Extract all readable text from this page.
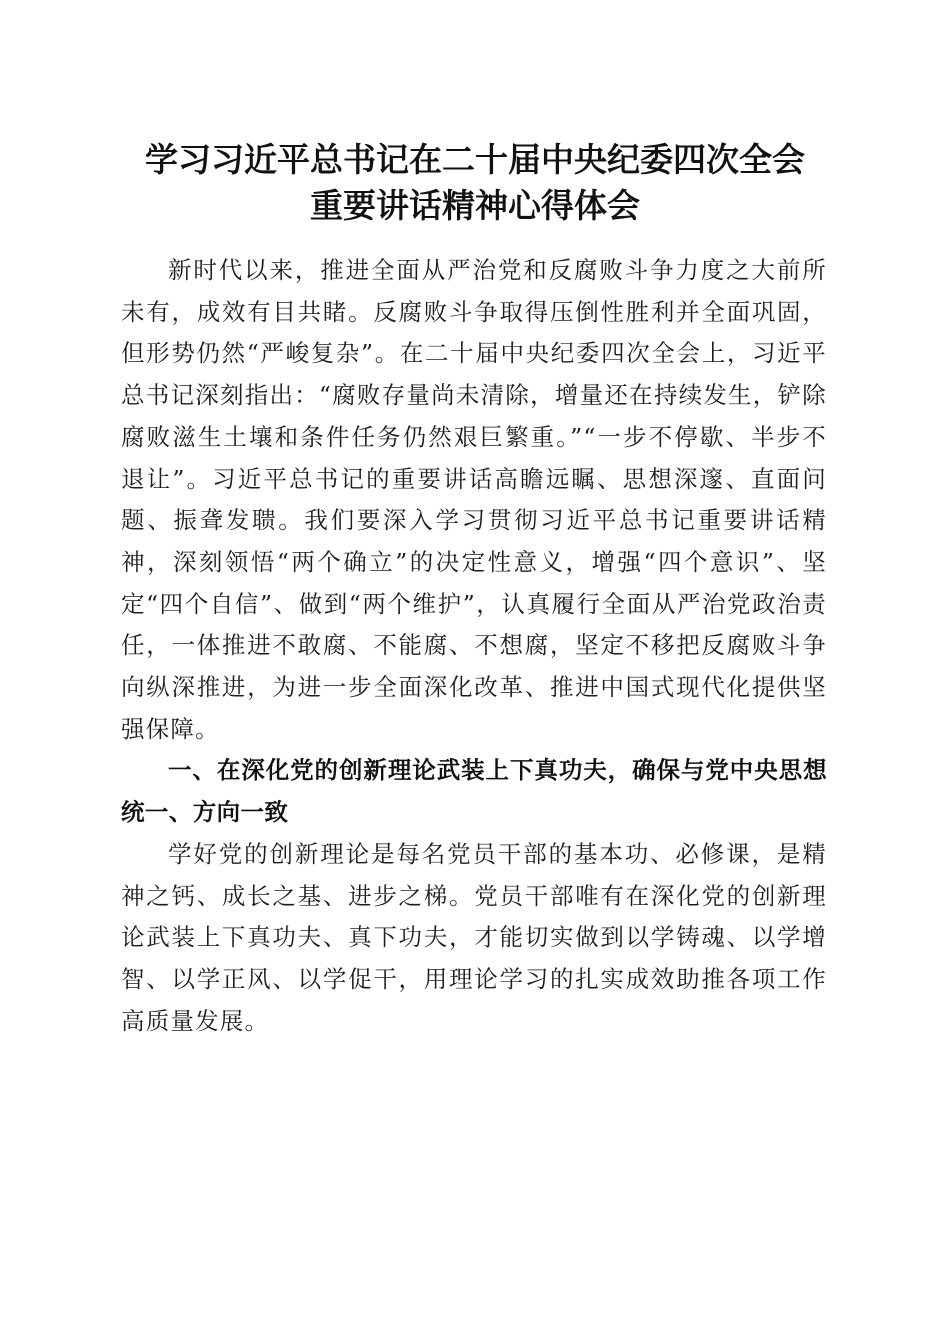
学习习近平总书记在二十届中央纪委四次全会
重要讲话精神心得体会

新时代以来，推进全面从严治党和反腐败斗争力度之大前所未有，成效有目共睹。反腐败斗争取得压倒性胜利并全面巩固，但形势仍然“严峻复杂”。在二十届中央纪委四次全会上，习近平总书记深刻指出：“腐败存量尚未清除，增量还在持续发生，铲除腐败滋生土壤和条件任务仍然艰巨繁重。”“一步不停歇、半步不退让”。习近平总书记的重要讲话高瞻远瞩、思想深邃、直面问题、振聋发聩。我们要深入学习贯彻习近平总书记重要讲话精神，深刻领悟“两个确立”的决定性意义，增强“四个意识”、坚定“四个自信”、做到“两个维护”，认真履行全面从严治党政治责任，一体推进不敢腐、不能腐、不想腐，坚定不移把反腐败斗争向纵深推进，为进一步全面深化改革、推进中国式现代化提供坚强保障。

一、在深化党的创新理论武装上下真功夫，确保与党中央思想统一、方向一致

学好党的创新理论是每名党员干部的基本功、必修课，是精神之钙、成长之基、进步之梯。党员干部唯有在深化党的创新理论武装上下真功夫、真下功夫，才能切实做到以学铸魂、以学增智、以学正风、以学促干，用理论学习的扎实成效助推各项工作高质量发展。
